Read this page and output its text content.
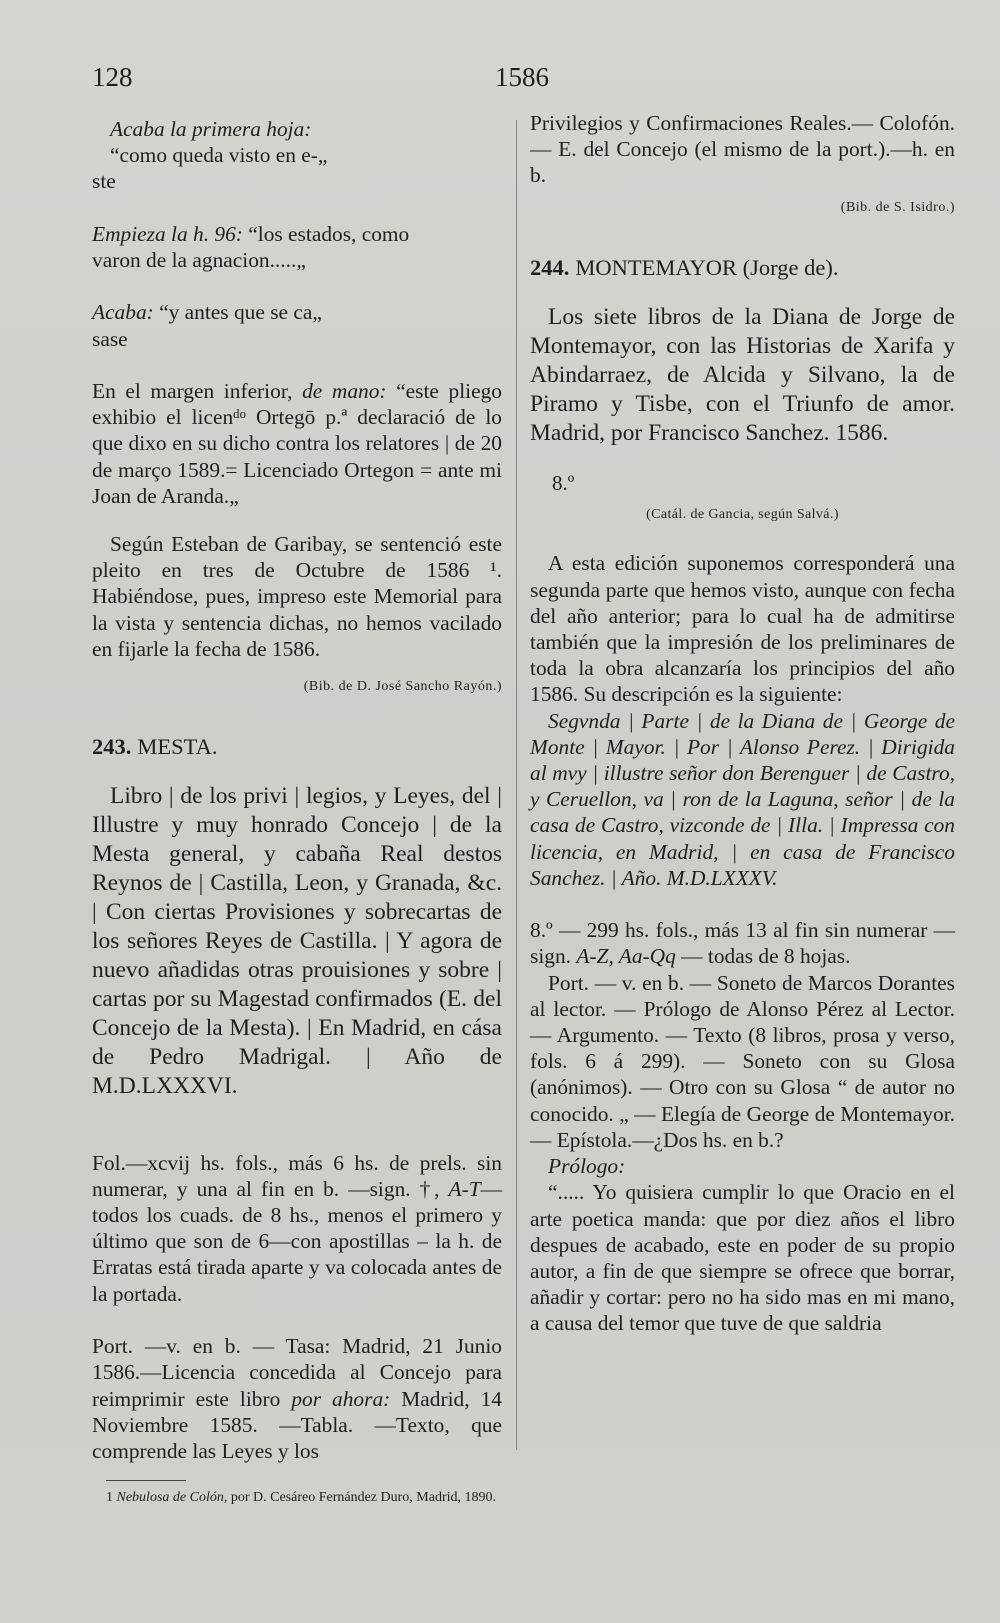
128	1586

Acaba la primera hoja:

“como queda visto en e-„
ste

Empieza la h. 96: “los estados, como
varon de la agnacion.....„

Acaba: “y antes que se ca„
sase

En el margen inferior, de mano: “este pliego exhibio el licenᵈᵒ Ortegō p.ª declaració de lo que dixo en su dicho contra los relatores | de 20 de março 1589.= Licenciado Ortegon = ante mi Joan de Aranda.„

Según Esteban de Garibay, se sentenció este pleito en tres de Octubre de 1586 ¹. Habiéndose, pues, impreso este Memorial para la vista y sentencia dichas, no hemos vacilado en fijarle la fecha de 1586.

(Bib. de D. José Sancho Rayón.)

243. MESTA.

Libro | de los privi | legios, y Leyes, del | Illustre y muy honrado Concejo | de la Mesta general, y cabaña Real destos Reynos de | Castilla, Leon, y Granada, &c. | Con ciertas Provisiones y sobrecartas de los señores Reyes de Castilla. | Y agora de nuevo añadidas otras prouisiones y sobre | cartas por su Magestad confirmados (E. del Concejo de la Mesta). | En Madrid, en cása de Pedro Madrigal. | Año de M.D.LXXXVI.

Fol.—xcvij hs. fols., más 6 hs. de prels. sin numerar, y una al fin en b. —sign. †, A-T—todos los cuads. de 8 hs., menos el primero y último que son de 6—con apostillas – la h. de Erratas está tirada aparte y va colocada antes de la portada.

Port. —v. en b. — Tasa: Madrid, 21 Junio 1586.—Licencia concedida al Concejo para reimprimir este libro por ahora: Madrid, 14 Noviembre 1585. —Tabla. —Texto, que comprende las Leyes y los

1 Nebulosa de Colón, por D. Cesáreo Fernández Duro, Madrid, 1890.

Privilegios y Confirmaciones Reales.— Colofón. — E. del Concejo (el mismo de la port.).—h. en b.

(Bib. de S. Isidro.)

244. MONTEMAYOR (Jorge de).

Los siete libros de la Diana de Jorge de Montemayor, con las Historias de Xarifa y Abindarraez, de Alcida y Silvano, la de Piramo y Tisbe, con el Triunfo de amor. Madrid, por Francisco Sanchez. 1586.

8.º

(Catál. de Gancia, según Salvá.)

A esta edición suponemos corresponderá una segunda parte que hemos visto, aunque con fecha del año anterior; para lo cual ha de admitirse también que la impresión de los preliminares de toda la obra alcanzaría los principios del año 1586. Su descripción es la siguiente:

Segvnda | Parte | de la Diana de | George de Monte | Mayor. | Por | Alonso Perez. | Dirigida al mvy | illustre señor don Berenguer | de Castro, y Ceruellon, va | ron de la Laguna, señor | de la casa de Castro, vizconde de | Illa. | Impressa con licencia, en Madrid, | en casa de Francisco Sanchez. | Año. M.D.LXXXV.

8.º — 299 hs. fols., más 13 al fin sin numerar — sign. A-Z, Aa-Qq — todas de 8 hojas.

Port. — v. en b. — Soneto de Marcos Dorantes al lector. — Prólogo de Alonso Pérez al Lector. — Argumento. — Texto (8 libros, prosa y verso, fols. 6 á 299). — Soneto con su Glosa (anónimos). — Otro con su Glosa “ de autor no conocido. „ — Elegía de George de Montemayor. — Epístola.—¿Dos hs. en b.?

Prólogo:

“..... Yo quisiera cumplir lo que Oracio en el arte poetica manda: que por diez años el libro despues de acabado, este en poder de su propio autor, a fin de que siempre se ofrece que borrar, añadir y cortar: pero no ha sido mas en mi mano, a causa del temor que tuve de que saldria
